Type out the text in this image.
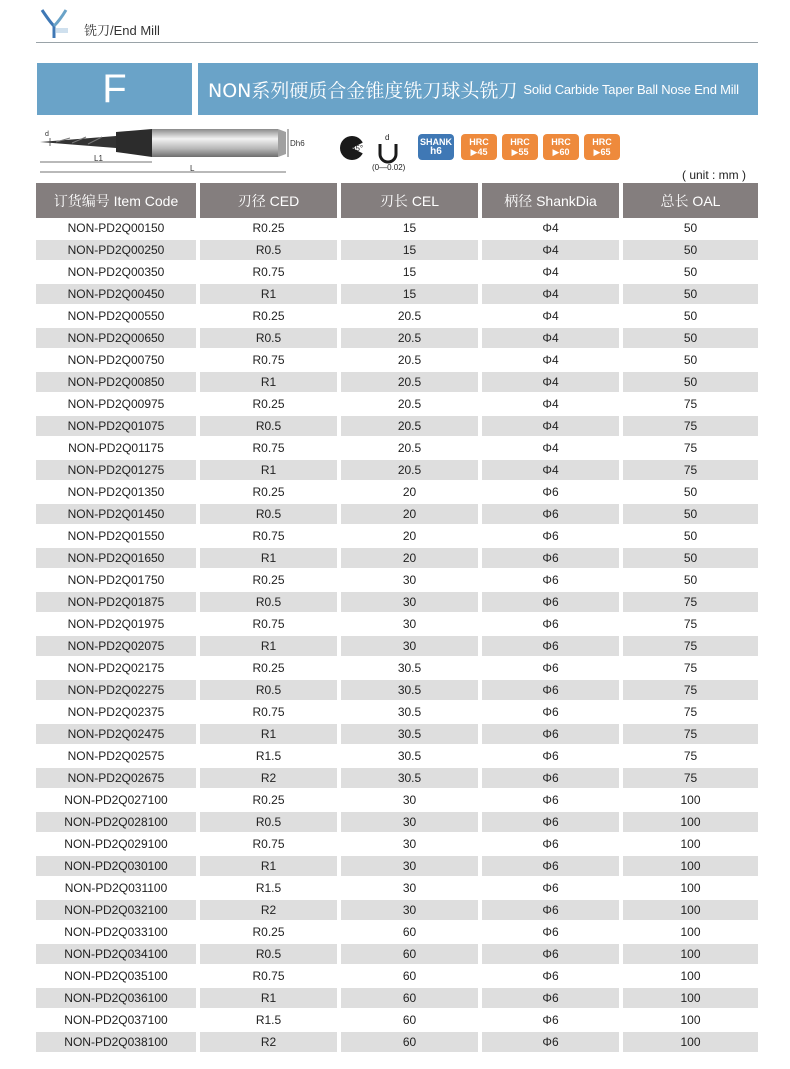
铣刀/End Mill
F	NON系列硬质合金锥度铣刀球头铣刀 Solid Carbide Taper Ball Nose End Mill
d
Dh6
L1
L
35°
d
(0—0.02)
SHANK
h6
HRC
▶45
HRC
▶55
HRC
▶60
HRC
▶65
( unit : mm )
订货编号 Item Code	刃径 CED	刃长 CEL	柄径 ShankDia	总长 OAL
NON-PD2Q00150	R0.25	15	Φ4	50
NON-PD2Q00250	R0.5	15	Φ4	50
NON-PD2Q00350	R0.75	15	Φ4	50
NON-PD2Q00450	R1	15	Φ4	50
NON-PD2Q00550	R0.25	20.5	Φ4	50
NON-PD2Q00650	R0.5	20.5	Φ4	50
NON-PD2Q00750	R0.75	20.5	Φ4	50
NON-PD2Q00850	R1	20.5	Φ4	50
NON-PD2Q00975	R0.25	20.5	Φ4	75
NON-PD2Q01075	R0.5	20.5	Φ4	75
NON-PD2Q01175	R0.75	20.5	Φ4	75
NON-PD2Q01275	R1	20.5	Φ4	75
NON-PD2Q01350	R0.25	20	Φ6	50
NON-PD2Q01450	R0.5	20	Φ6	50
NON-PD2Q01550	R0.75	20	Φ6	50
NON-PD2Q01650	R1	20	Φ6	50
NON-PD2Q01750	R0.25	30	Φ6	50
NON-PD2Q01875	R0.5	30	Φ6	75
NON-PD2Q01975	R0.75	30	Φ6	75
NON-PD2Q02075	R1	30	Φ6	75
NON-PD2Q02175	R0.25	30.5	Φ6	75
NON-PD2Q02275	R0.5	30.5	Φ6	75
NON-PD2Q02375	R0.75	30.5	Φ6	75
NON-PD2Q02475	R1	30.5	Φ6	75
NON-PD2Q02575	R1.5	30.5	Φ6	75
NON-PD2Q02675	R2	30.5	Φ6	75
NON-PD2Q027100	R0.25	30	Φ6	100
NON-PD2Q028100	R0.5	30	Φ6	100
NON-PD2Q029100	R0.75	30	Φ6	100
NON-PD2Q030100	R1	30	Φ6	100
NON-PD2Q031100	R1.5	30	Φ6	100
NON-PD2Q032100	R2	30	Φ6	100
NON-PD2Q033100	R0.25	60	Φ6	100
NON-PD2Q034100	R0.5	60	Φ6	100
NON-PD2Q035100	R0.75	60	Φ6	100
NON-PD2Q036100	R1	60	Φ6	100
NON-PD2Q037100	R1.5	60	Φ6	100
NON-PD2Q038100	R2	60	Φ6	100
